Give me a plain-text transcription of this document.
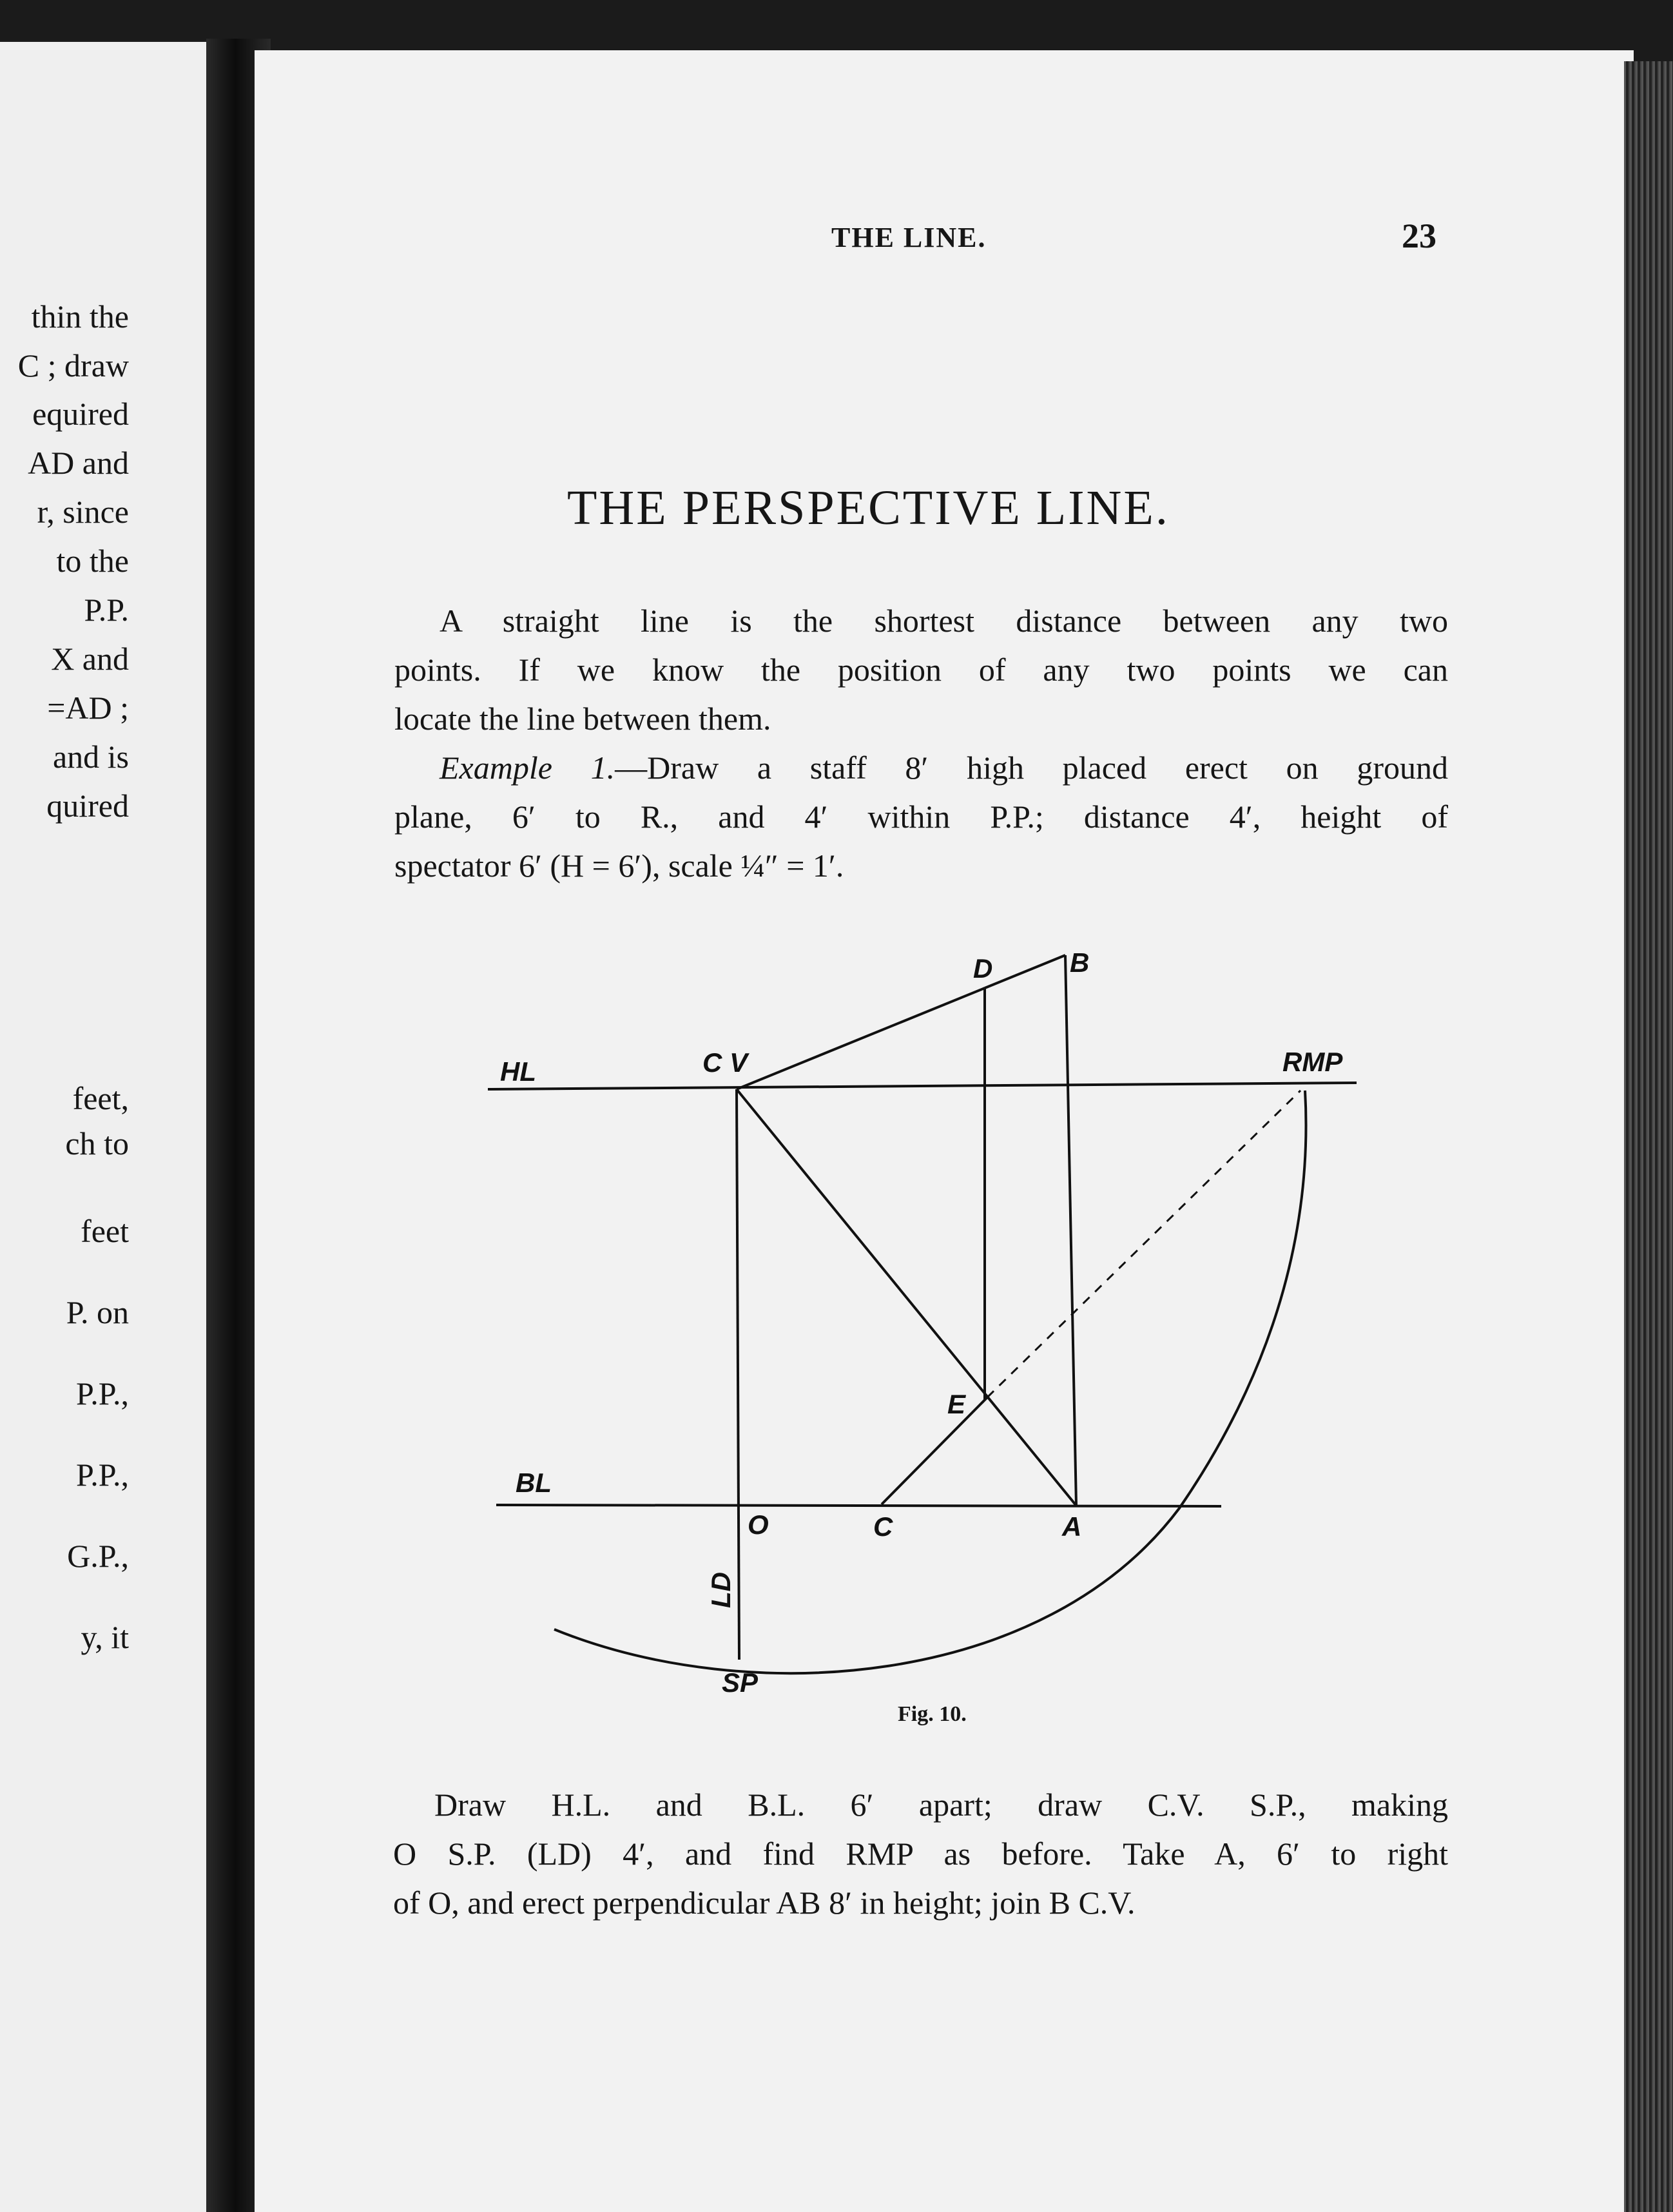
thin the
C ; draw
equired
AD and
r, since
to the
P.P.
X and
=AD ;
and is
quired
feet,
ch to
feet
P. on
P.P.,
P.P.,
G.P.,
y, it
THE LINE.	23
THE PERSPECTIVE LINE.
A straight line is the shortest distance between any two
points. If we know the position of any two points we can
locate the line between them.
Example 1.—Draw a staff 8′ high placed erect on ground
plane, 6′ to R., and 4′ within P.P.; distance 4′, height of
spectator 6′ (H = 6′), scale ¼″ = 1′.
HL	C V	RMP
D	B
E
BL
O	C	A
LD
SP
Fig. 10.
Draw H.L. and B.L. 6′ apart; draw C.V. S.P., making
O S.P. (LD) 4′, and find RMP as before. Take A, 6′ to right
of O, and erect perpendicular AB 8′ in height; join B C.V.
